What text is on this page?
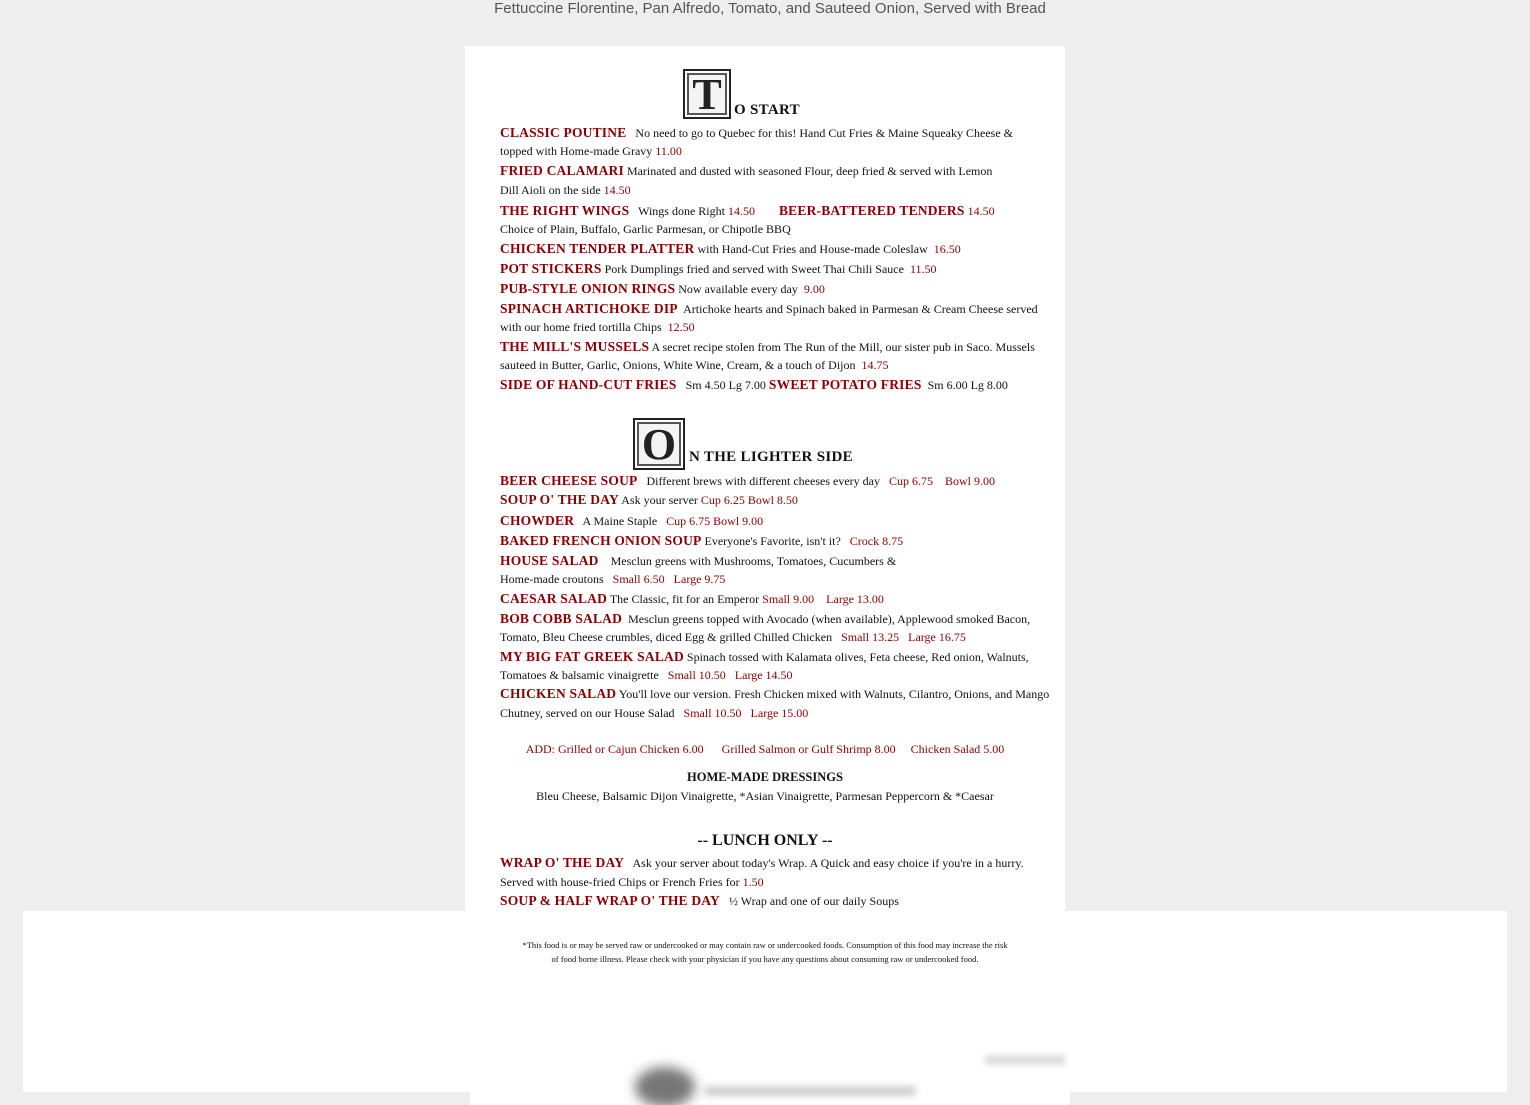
Fettuccine Florentine, Pan Alfredo, Tomato, and Sauteed Onion, Served with Bread
T O START
CLASSIC POUTINE No need to go to Quebec for this! Hand Cut Fries & Maine Squeaky Cheese &
topped with Home-made Gravy 11.00
FRIED CALAMARI Marinated and dusted with seasoned Flour, deep fried & served with Lemon
Dill Aioli on the side 14.50
THE RIGHT WINGS Wings done Right 14.50 BEER-BATTERED TENDERS 14.50
Choice of Plain, Buffalo, Garlic Parmesan, or Chipotle BBQ
CHICKEN TENDER PLATTER with Hand-Cut Fries and House-made Coleslaw 16.50
POT STICKERS Pork Dumplings fried and served with Sweet Thai Chili Sauce 11.50
PUB-STYLE ONION RINGS Now available every day 9.00
SPINACH ARTICHOKE DIP Artichoke hearts and Spinach baked in Parmesan & Cream Cheese served
with our home fried tortilla Chips 12.50
THE MILL'S MUSSELS A secret recipe stolen from The Run of the Mill, our sister pub in Saco. Mussels
sauteed in Butter, Garlic, Onions, White Wine, Cream, & a touch of Dijon 14.75
SIDE OF HAND-CUT FRIES Sm 4.50 Lg 7.00 SWEET POTATO FRIES Sm 6.00 Lg 8.00
O N THE LIGHTER SIDE
BEER CHEESE SOUP Different brews with different cheeses every day Cup 6.75 Bowl 9.00
SOUP O' THE DAY Ask your server Cup 6.25 Bowl 8.50
CHOWDER A Maine Staple Cup 6.75 Bowl 9.00
BAKED FRENCH ONION SOUP Everyone's Favorite, isn't it? Crock 8.75
HOUSE SALAD Mesclun greens with Mushrooms, Tomatoes, Cucumbers &
Home-made croutons Small 6.50 Large 9.75
CAESAR SALAD The Classic, fit for an Emperor Small 9.00 Large 13.00
BOB COBB SALAD Mesclun greens topped with Avocado (when available), Applewood smoked Bacon,
Tomato, Bleu Cheese crumbles, diced Egg & grilled Chilled Chicken Small 13.25 Large 16.75
MY BIG FAT GREEK SALAD Spinach tossed with Kalamata olives, Feta cheese, Red onion, Walnuts,
Tomatoes & balsamic vinaigrette Small 10.50 Large 14.50
CHICKEN SALAD You'll love our version. Fresh Chicken mixed with Walnuts, Cilantro, Onions, and Mango
Chutney, served on our House Salad Small 10.50 Large 15.00
ADD: Grilled or Cajun Chicken 6.00      Grilled Salmon or Gulf Shrimp 8.00     Chicken Salad 5.00
HOME-MADE DRESSINGS
Bleu Cheese, Balsamic Dijon Vinaigrette, *Asian Vinaigrette, Parmesan Peppercorn & *Caesar
-- LUNCH ONLY --
WRAP O' THE DAY Ask your server about today's Wrap. A Quick and easy choice if you're in a hurry.
Served with house-fried Chips or French Fries for 1.50
SOUP & HALF WRAP O' THE DAY ½ Wrap and one of our daily Soups
*This food is or may be served raw or undercooked or may contain raw or undercooked foods. Consumption of this food may increase the risk
of food borne illness. Please check with your physician if you have any questions about consuming raw or undercooked food.
